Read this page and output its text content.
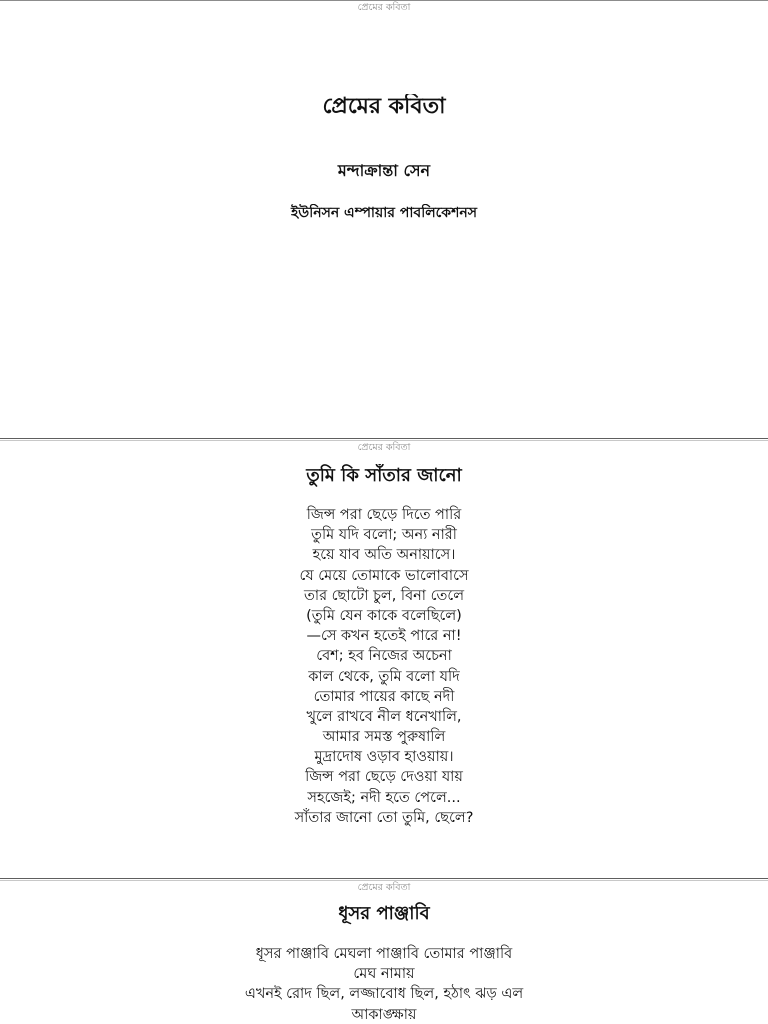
প্রেমের কবিতা
প্রেমের কবিতা
মন্দাক্রান্তা সেন
ইউনিসন এম্পায়ার পাবলিকেশনস
প্রেমের কবিতা
তুমি কি সাঁতার জানো
জিন্স পরা ছেড়ে দিতে পারি
তুমি যদি বলো; অন্য নারী
হয়ে যাব অতি অনায়াসে।
যে মেয়ে তোমাকে ভালোবাসে
তার ছোটো চুল, বিনা তেলে
(তুমি যেন কাকে বলেছিলে)
—সে কখন হতেই পারে না!
বেশ; হব নিজের অচেনা
কাল থেকে, তুমি বলো যদি
তোমার পায়ের কাছে নদী
খুলে রাখবে নীল ধনেখালি,
আমার সমস্ত পুরুষালি
মুদ্রাদোষ ওড়াব হাওয়ায়।
জিন্স পরা ছেড়ে দেওয়া যায়
সহজেই; নদী হতে পেলে...
সাঁতার জানো তো তুমি, ছেলে?
প্রেমের কবিতা
ধূসর পাঞ্জাবি
ধূসর পাঞ্জাবি মেঘলা পাঞ্জাবি তোমার পাঞ্জাবি
মেঘ নামায়
এখনই রোদ ছিল, লজ্জাবোধ ছিল, হঠাৎ ঝড় এল
আকাঙ্ক্ষায়
